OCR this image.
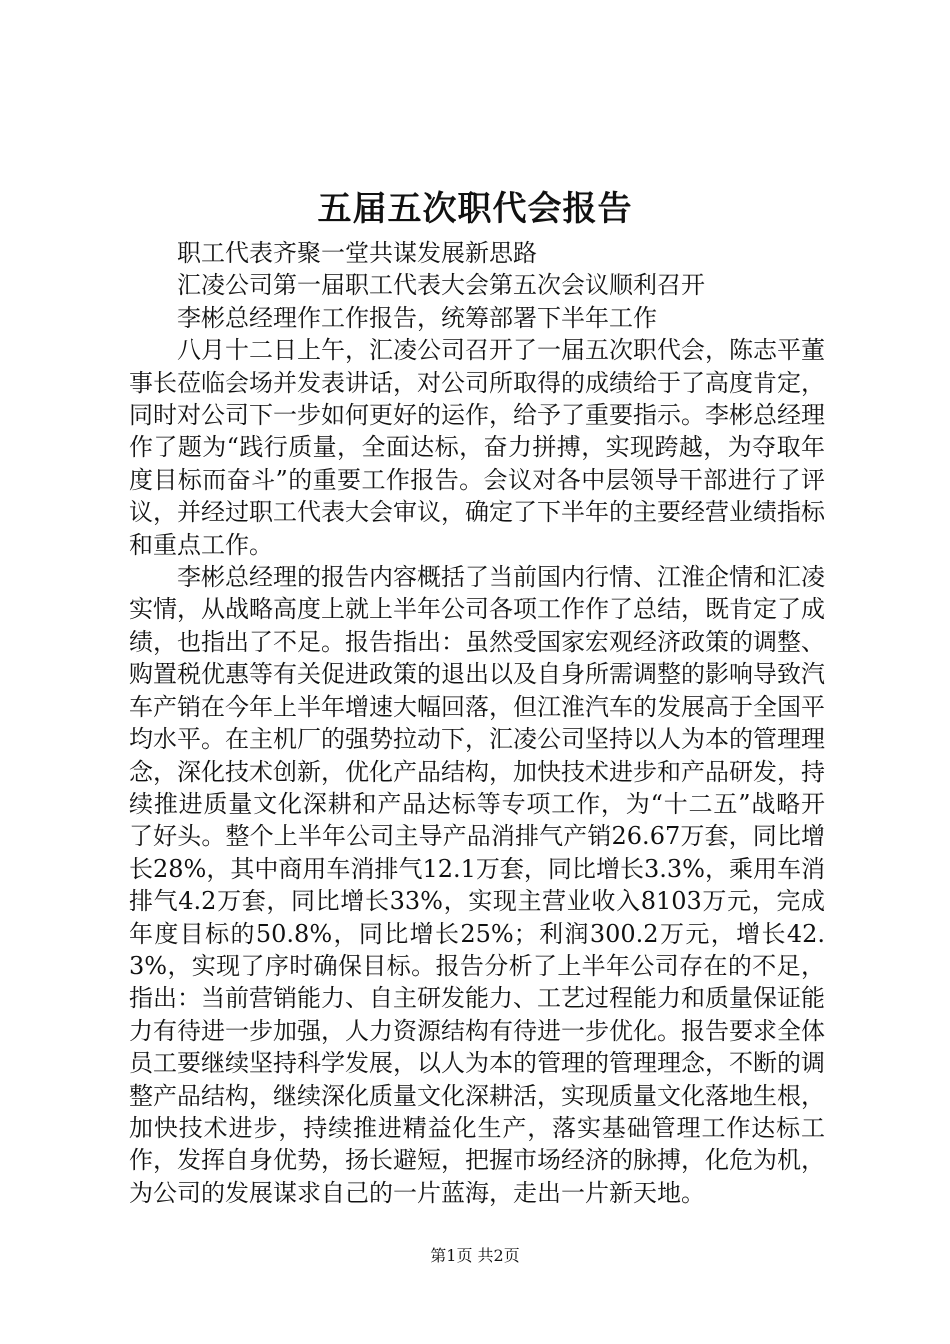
五届五次职代会报告

职工代表齐聚一堂共谋发展新思路

汇凌公司第一届职工代表大会第五次会议顺利召开

李彬总经理作工作报告，统筹部署下半年工作

八月十二日上午，汇凌公司召开了一届五次职代会，陈志平董事长莅临会场并发表讲话，对公司所取得的成绩给于了高度肯定，同时对公司下一步如何更好的运作，给予了重要指示。李彬总经理作了题为“践行质量，全面达标，奋力拼搏，实现跨越，为夺取年度目标而奋斗”的重要工作报告。会议对各中层领导干部进行了评议，并经过职工代表大会审议，确定了下半年的主要经营业绩指标和重点工作。

李彬总经理的报告内容概括了当前国内行情、江淮企情和汇凌实情，从战略高度上就上半年公司各项工作作了总结，既肯定了成绩，也指出了不足。报告指出：虽然受国家宏观经济政策的调整、购置税优惠等有关促进政策的退出以及自身所需调整的影响导致汽车产销在今年上半年增速大幅回落，但江淮汽车的发展高于全国平均水平。在主机厂的强势拉动下，汇凌公司坚持以人为本的管理理念，深化技术创新，优化产品结构，加快技术进步和产品研发，持续推进质量文化深耕和产品达标等专项工作，为“十二五”战略开了好头。整个上半年公司主导产品消排气产销26.67万套，同比增长28%，其中商用车消排气12.1万套，同比增长3.3%，乘用车消排气4.2万套，同比增长33%，实现主营业收入8103万元，完成年度目标的50.8%，同比增长25%；利润300.2万元，增长42.3%，实现了序时确保目标。报告分析了上半年公司存在的不足，指出：当前营销能力、自主研发能力、工艺过程能力和质量保证能力有待进一步加强，人力资源结构有待进一步优化。报告要求全体员工要继续坚持科学发展，以人为本的管理的管理理念，不断的调整产品结构，继续深化质量文化深耕活，实现质量文化落地生根，加快技术进步，持续推进精益化生产，落实基础管理工作达标工作，发挥自身优势，扬长避短，把握市场经济的脉搏，化危为机，为公司的发展谋求自己的一片蓝海，走出一片新天地。

第1页 共2页
